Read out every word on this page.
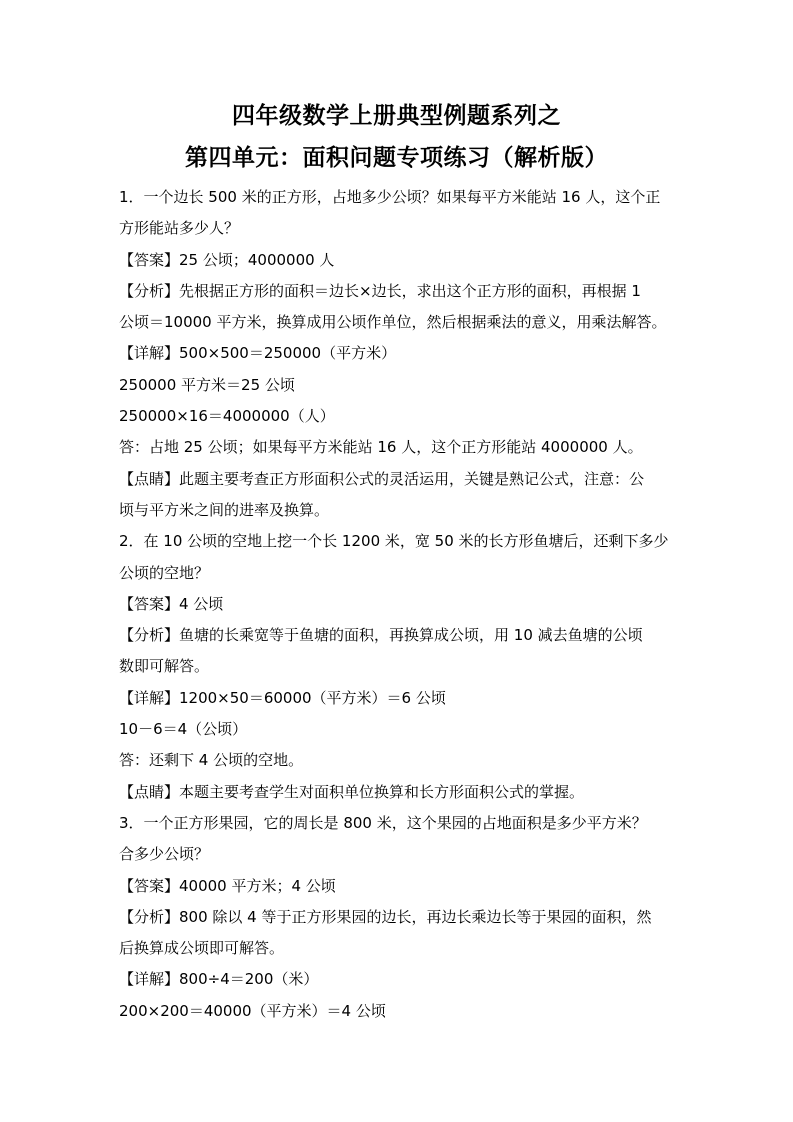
四年级数学上册典型例题系列之
第四单元：面积问题专项练习（解析版）
1．一个边长 500 米的正方形，占地多少公顷？如果每平方米能站 16 人，这个正
方形能站多少人？
【答案】25 公顷；4000000 人
【分析】先根据正方形的面积＝边长×边长，求出这个正方形的面积，再根据 1
公顷＝10000 平方米，换算成用公顷作单位，然后根据乘法的意义，用乘法解答。
【详解】500×500＝250000（平方米）
250000 平方米＝25 公顷
250000×16＝4000000（人）
答：占地 25 公顷；如果每平方米能站 16 人，这个正方形能站 4000000 人。
【点睛】此题主要考查正方形面积公式的灵活运用，关键是熟记公式，注意：公
顷与平方米之间的进率及换算。
2．在 10 公顷的空地上挖一个长 1200 米，宽 50 米的长方形鱼塘后，还剩下多少
公顷的空地？
【答案】4 公顷
【分析】鱼塘的长乘宽等于鱼塘的面积，再换算成公顷，用 10 减去鱼塘的公顷
数即可解答。
【详解】1200×50＝60000（平方米）＝6 公顷
10－6＝4（公顷）
答：还剩下 4 公顷的空地。
【点睛】本题主要考查学生对面积单位换算和长方形面积公式的掌握。
3．一个正方形果园，它的周长是 800 米，这个果园的占地面积是多少平方米？
合多少公顷？
【答案】40000 平方米；4 公顷
【分析】800 除以 4 等于正方形果园的边长，再边长乘边长等于果园的面积，然
后换算成公顷即可解答。
【详解】800÷4＝200（米）
200×200＝40000（平方米）＝4 公顷
